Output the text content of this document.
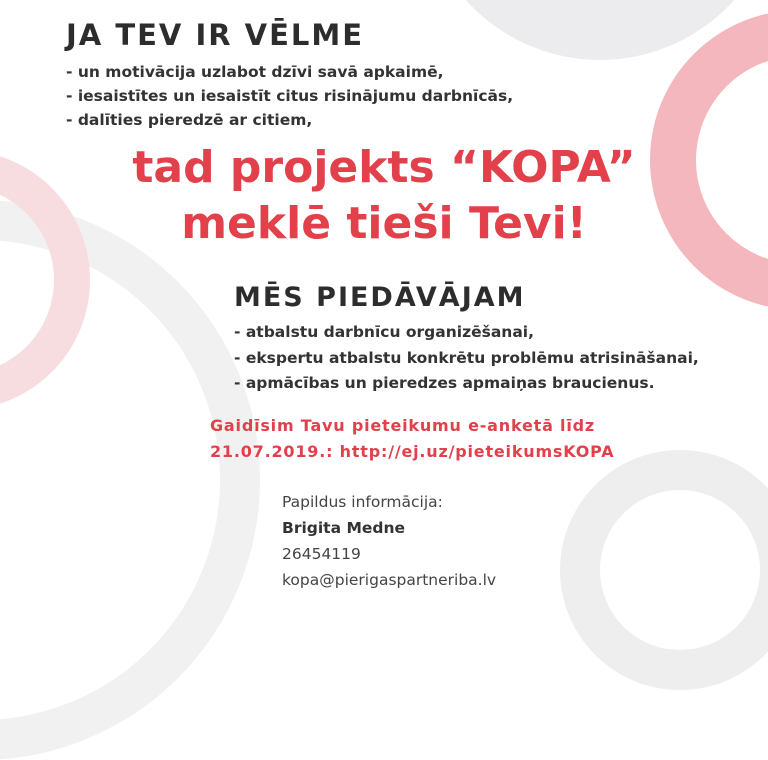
JA TEV IR VĒLME
- un motivācija uzlabot dzīvi savā apkaimē,
- iesaistītes un iesaistīt citus risinājumu darbnīcās,
- dalīties pieredzē ar citiem,
tad projekts “KOPA”
meklē tieši Tevi!
MĒS PIEDĀVĀJAM
- atbalstu darbnīcu organizēšanai,
- ekspertu atbalstu konkrētu problēmu atrisināšanai,
- apmācības un pieredzes apmaiņas braucienus.
Gaidīsim Tavu pieteikumu e-anketā līdz
21.07.2019.: http://ej.uz/pieteikumsKOPA
Papildus informācija:
Brigita Medne
26454119
kopa@pierigaspartneriba.lv
